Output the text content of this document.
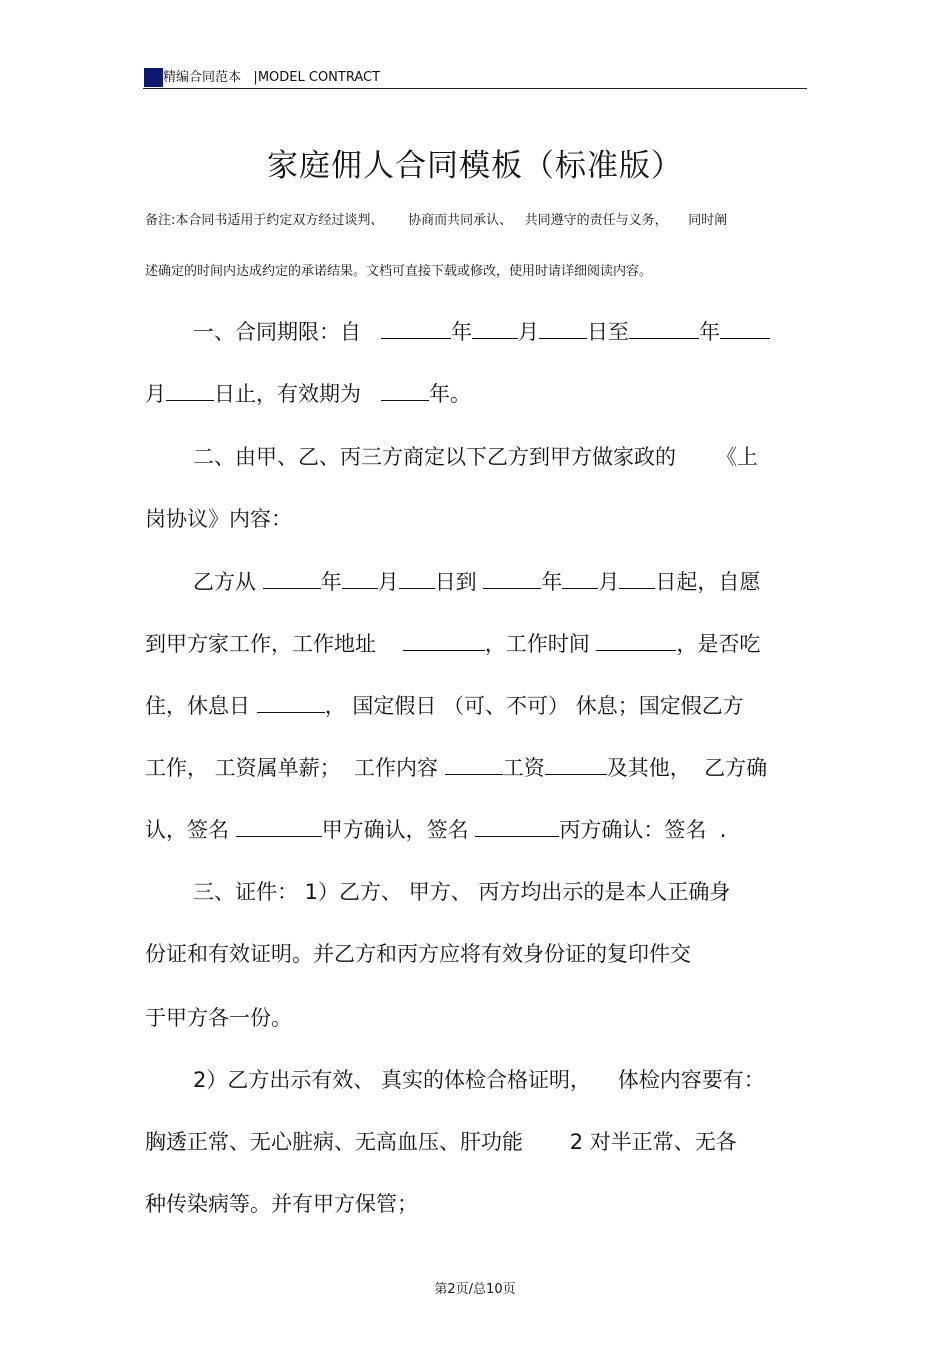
精编合同范本 |MODEL CONTRACT
家庭佣人合同模板（标准版）
备注:本合同书适用于约定双方经过谈判、      协商而共同承认、   共同遵守的责任与义务，     同时阐
述确定的时间内达成约定的承诺结果。文档可直接下载或修改，使用时请详细阅读内容。
一、合同期限：自	年 月 日至	年
月 日止，有效期为	年。
二、由甲、乙、丙三方商定以下乙方到甲方做家政的 《上
岗协议》内容：
乙方从	年 月 日到	年 月 日起，自愿
到甲方家工作，工作地址	，工作时间	，是否吃
住，休息日	， 国定假日 （可、不可） 休息；国定假乙方
工作， 工资属单薪；  工作内容	工资	及其他，  乙方确
认，签名	甲方确认，签名	丙方确认：签名  .
三、证件： 1）乙方、 甲方、 丙方均出示的是本人正确身
份证和有效证明。并乙方和丙方应将有效身份证的复印件交
于甲方各一份。
2）乙方出示有效、 真实的体检合格证明， 体检内容要有：
胸透正常、无心脏病、无高血压、肝功能 2 对半正常、无各
种传染病等。并有甲方保管；
第2页/总10页
